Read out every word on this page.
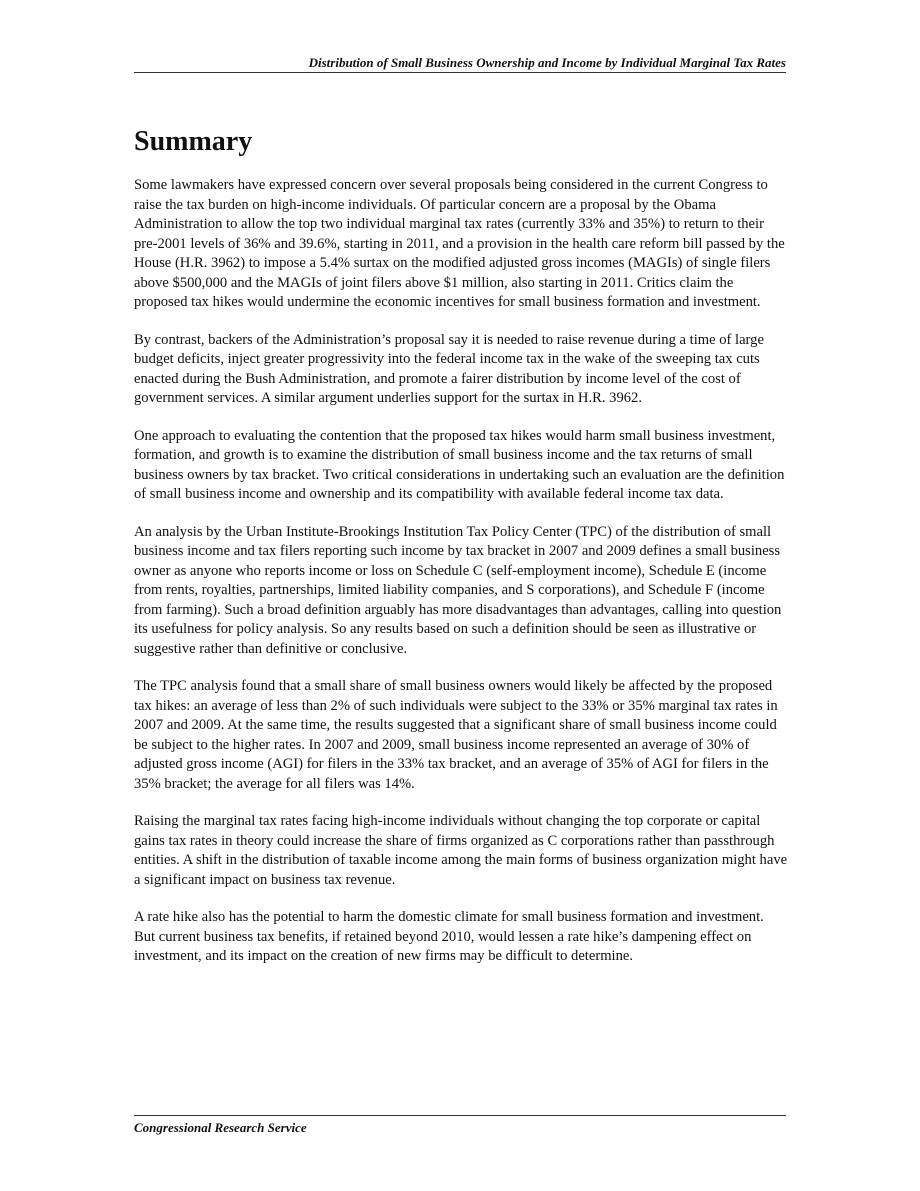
Distribution of Small Business Ownership and Income by Individual Marginal Tax Rates
Summary

Some lawmakers have expressed concern over several proposals being considered in the current Congress to raise the tax burden on high-income individuals. Of particular concern are a proposal by the Obama Administration to allow the top two individual marginal tax rates (currently 33% and 35%) to return to their pre-2001 levels of 36% and 39.6%, starting in 2011, and a provision in the health care reform bill passed by the House (H.R. 3962) to impose a 5.4% surtax on the modified adjusted gross incomes (MAGIs) of single filers above $500,000 and the MAGIs of joint filers above $1 million, also starting in 2011. Critics claim the proposed tax hikes would undermine the economic incentives for small business formation and investment.

By contrast, backers of the Administration’s proposal say it is needed to raise revenue during a time of large budget deficits, inject greater progressivity into the federal income tax in the wake of the sweeping tax cuts enacted during the Bush Administration, and promote a fairer distribution by income level of the cost of government services. A similar argument underlies support for the surtax in H.R. 3962.

One approach to evaluating the contention that the proposed tax hikes would harm small business investment, formation, and growth is to examine the distribution of small business income and the tax returns of small business owners by tax bracket. Two critical considerations in undertaking such an evaluation are the definition of small business income and ownership and its compatibility with available federal income tax data.

An analysis by the Urban Institute-Brookings Institution Tax Policy Center (TPC) of the distribution of small business income and tax filers reporting such income by tax bracket in 2007 and 2009 defines a small business owner as anyone who reports income or loss on Schedule C (self-employment income), Schedule E (income from rents, royalties, partnerships, limited liability companies, and S corporations), and Schedule F (income from farming). Such a broad definition arguably has more disadvantages than advantages, calling into question its usefulness for policy analysis. So any results based on such a definition should be seen as illustrative or suggestive rather than definitive or conclusive.

The TPC analysis found that a small share of small business owners would likely be affected by the proposed tax hikes: an average of less than 2% of such individuals were subject to the 33% or 35% marginal tax rates in 2007 and 2009. At the same time, the results suggested that a significant share of small business income could be subject to the higher rates. In 2007 and 2009, small business income represented an average of 30% of adjusted gross income (AGI) for filers in the 33% tax bracket, and an average of 35% of AGI for filers in the 35% bracket; the average for all filers was 14%.

Raising the marginal tax rates facing high-income individuals without changing the top corporate or capital gains tax rates in theory could increase the share of firms organized as C corporations rather than passthrough entities. A shift in the distribution of taxable income among the main forms of business organization might have a significant impact on business tax revenue.

A rate hike also has the potential to harm the domestic climate for small business formation and investment. But current business tax benefits, if retained beyond 2010, would lessen a rate hike’s dampening effect on investment, and its impact on the creation of new firms may be difficult to determine.

Congressional Research Service
